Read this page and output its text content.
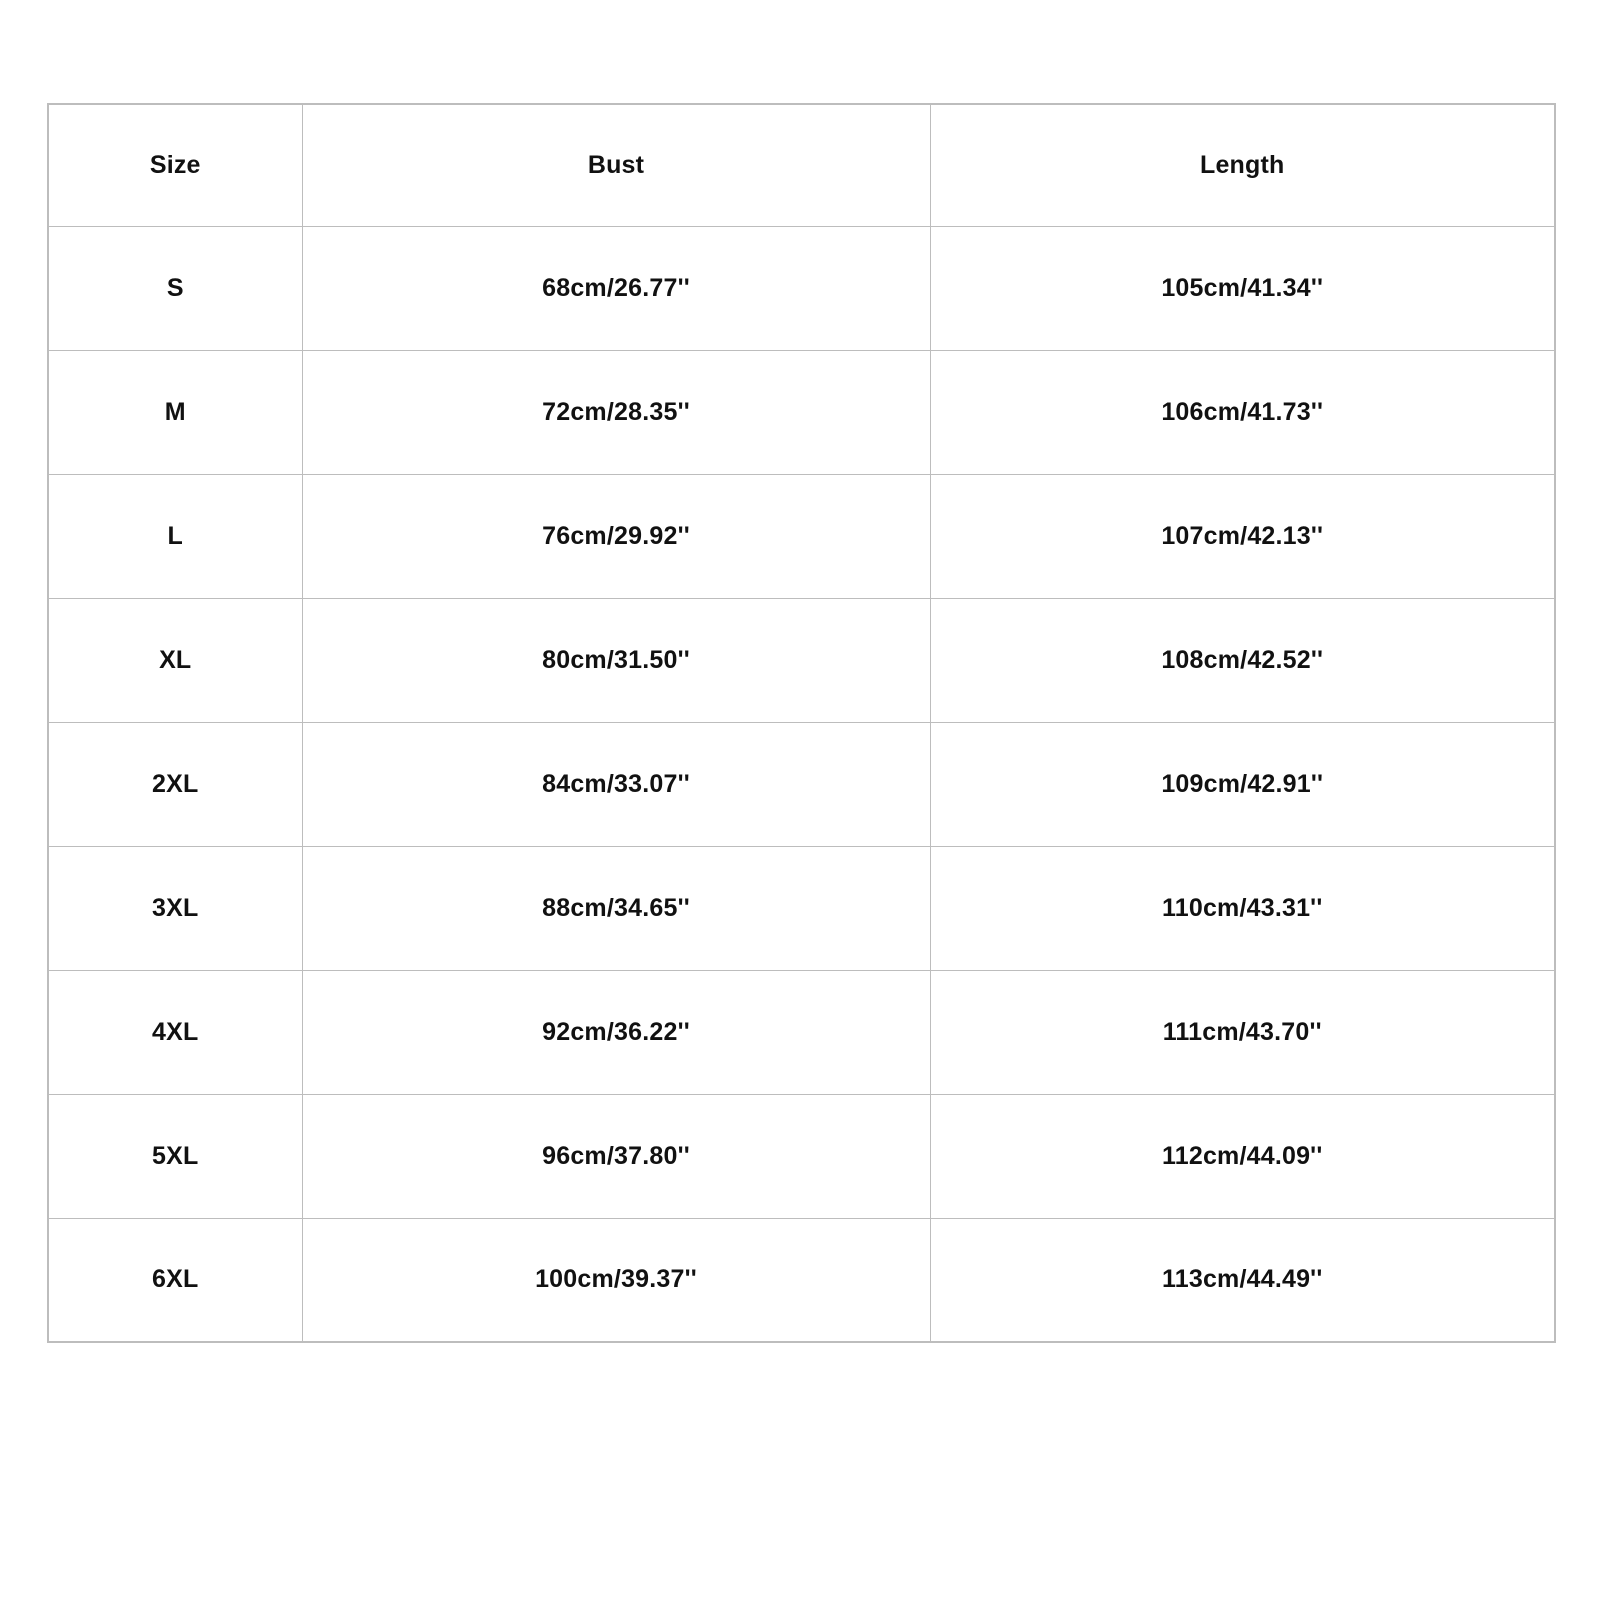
Size	Bust	Length
S	68cm/26.77''	105cm/41.34''
M	72cm/28.35''	106cm/41.73''
L	76cm/29.92''	107cm/42.13''
XL	80cm/31.50''	108cm/42.52''
2XL	84cm/33.07''	109cm/42.91''
3XL	88cm/34.65''	110cm/43.31''
4XL	92cm/36.22''	111cm/43.70''
5XL	96cm/37.80''	112cm/44.09''
6XL	100cm/39.37''	113cm/44.49''
